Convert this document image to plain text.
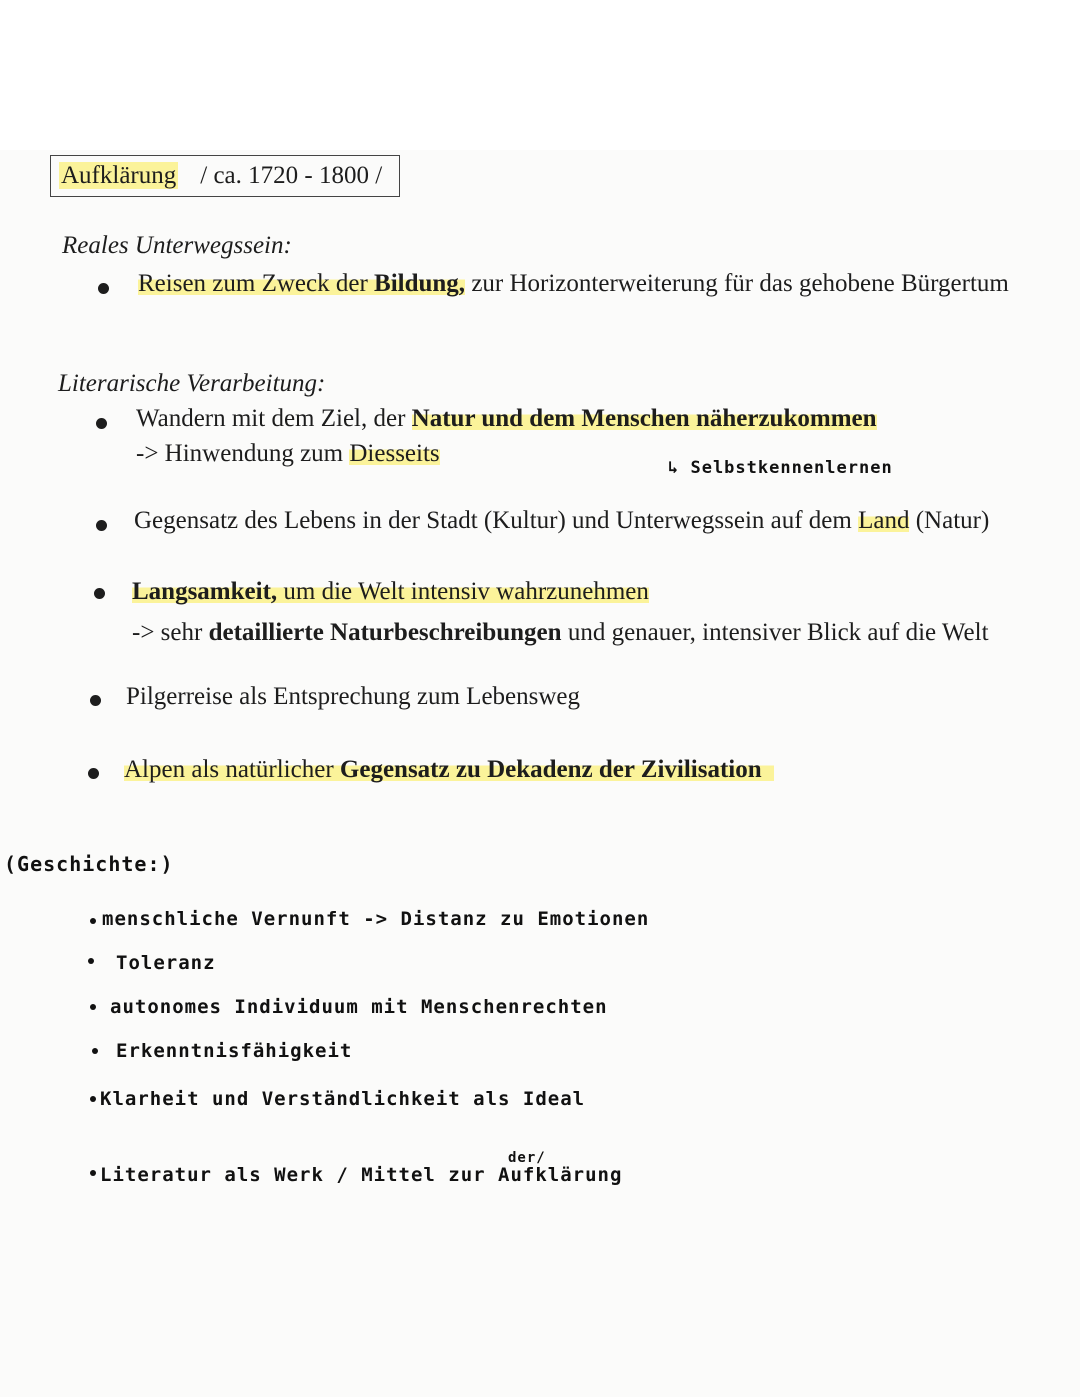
Aufklärung / ca. 1720 - 1800 /
Reales Unterwegssein:
Reisen zum Zweck der Bildung, zur Horizonterweiterung für das gehobene Bürgertum
Literarische Verarbeitung:
Wandern mit dem Ziel, der Natur und dem Menschen näherzukommen
-> Hinwendung zum Diesseits
↳ Selbstkennenlernen
Gegensatz des Lebens in der Stadt (Kultur) und Unterwegssein auf dem Land (Natur)
Langsamkeit, um die Welt intensiv wahrzunehmen
-> sehr detaillierte Naturbeschreibungen und genauer, intensiver Blick auf die Welt
Pilgerreise als Entsprechung zum Lebensweg
Alpen als natürlicher Gegensatz zu Dekadenz der Zivilisation
(Geschichte:)
menschliche Vernunft -> Distanz zu Emotionen
Toleranz
autonomes Individuum mit Menschenrechten
Erkenntnisfähigkeit
Klarheit und Verständlichkeit als Ideal
der/
Literatur als Werk / Mittel zur Aufklärung
